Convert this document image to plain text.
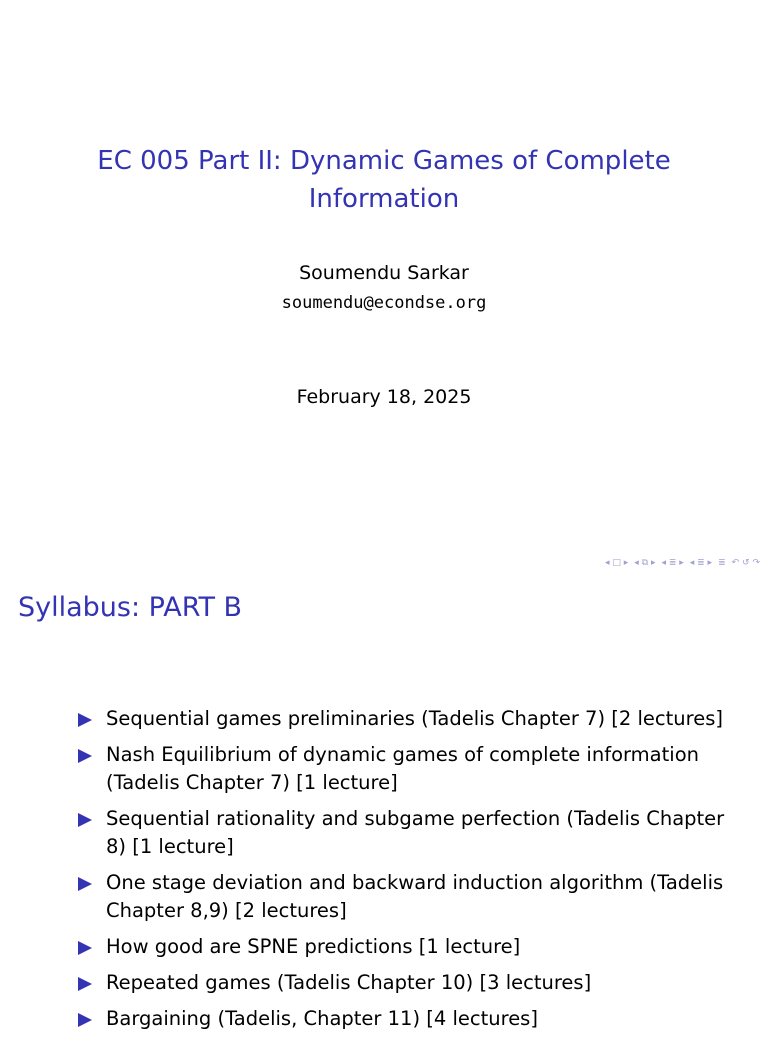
EC 005 Part II: Dynamic Games of Complete Information
Soumendu Sarkar
soumendu@econdse.org
February 18, 2025
◂ □ ▸ ◂ ⧉ ▸ ◂ ≣ ▸ ◂ ≣ ▸ ≣ ↶ ↺ ↷
Syllabus: PART B
Sequential games preliminaries (Tadelis Chapter 7) [2 lectures]
Nash Equilibrium of dynamic games of complete information (Tadelis Chapter 7) [1 lecture]
Sequential rationality and subgame perfection (Tadelis Chapter 8) [1 lecture]
One stage deviation and backward induction algorithm (Tadelis Chapter 8,9) [2 lectures]
How good are SPNE predictions [1 lecture]
Repeated games (Tadelis Chapter 10) [3 lectures]
Bargaining (Tadelis, Chapter 11) [4 lectures]
